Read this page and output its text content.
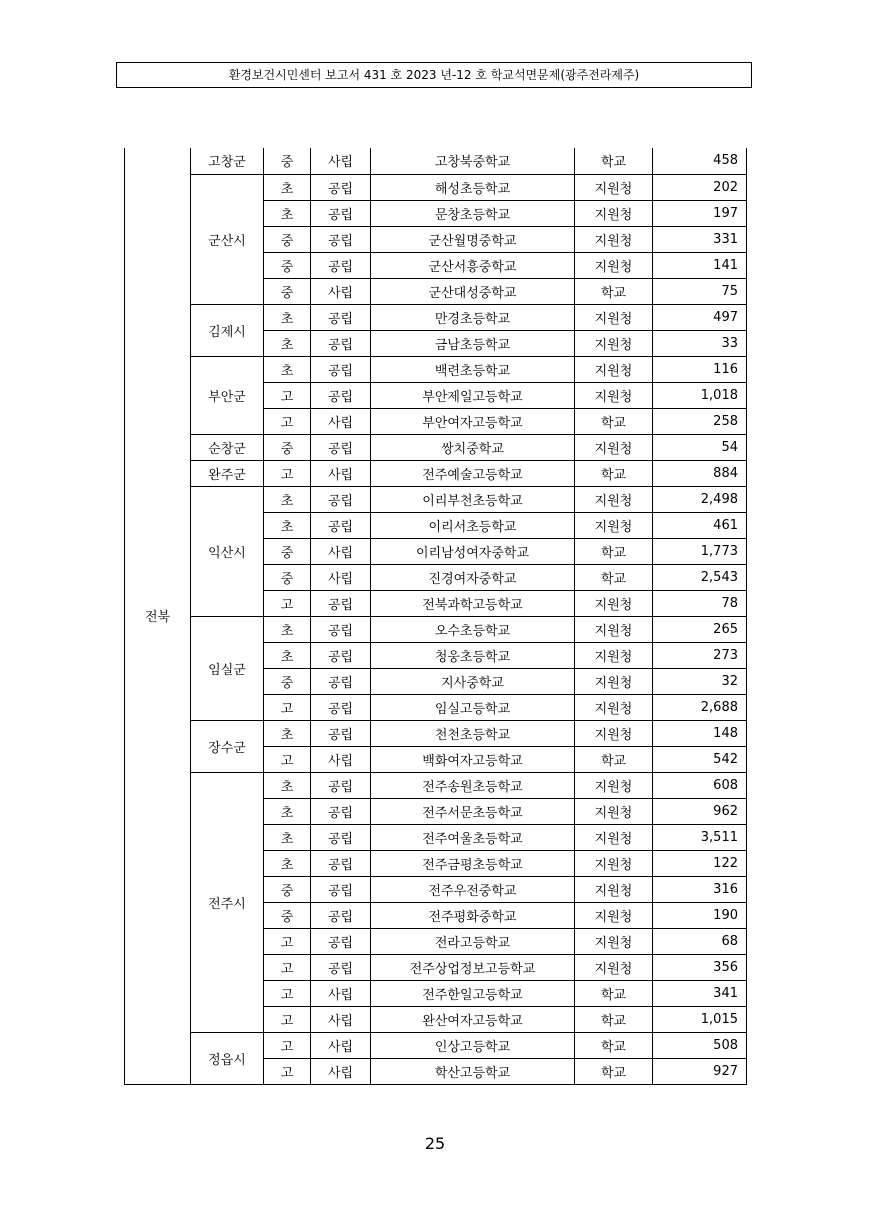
환경보건시민센터 보고서 431 호 2023 년-12 호 학교석면문제(광주전라제주)
전북	고창군	중	사립	고창북중학교	학교	458
	군산시	초	공립	해성초등학교	지원청	202
		초	공립	문창초등학교	지원청	197
		중	공립	군산월명중학교	지원청	331
		중	공립	군산서흥중학교	지원청	141
		중	사립	군산대성중학교	학교	75
	김제시	초	공립	만경초등학교	지원청	497
		초	공립	금남초등학교	지원청	33
	부안군	초	공립	백련초등학교	지원청	116
		고	공립	부안제일고등학교	지원청	1,018
		고	사립	부안여자고등학교	학교	258
	순창군	중	공립	쌍치중학교	지원청	54
	완주군	고	사립	전주예술고등학교	학교	884
	익산시	초	공립	이리부천초등학교	지원청	2,498
		초	공립	이리서초등학교	지원청	461
		중	사립	이리남성여자중학교	학교	1,773
		중	사립	진경여자중학교	학교	2,543
		고	공립	전북과학고등학교	지원청	78
	임실군	초	공립	오수초등학교	지원청	265
		초	공립	청웅초등학교	지원청	273
		중	공립	지사중학교	지원청	32
		고	공립	임실고등학교	지원청	2,688
	장수군	초	공립	천천초등학교	지원청	148
		고	사립	백화여자고등학교	학교	542
	전주시	초	공립	전주송원초등학교	지원청	608
		초	공립	전주서문초등학교	지원청	962
		초	공립	전주여울초등학교	지원청	3,511
		초	공립	전주금평초등학교	지원청	122
		중	공립	전주우전중학교	지원청	316
		중	공립	전주평화중학교	지원청	190
		고	공립	전라고등학교	지원청	68
		고	공립	전주상업정보고등학교	지원청	356
		고	사립	전주한일고등학교	학교	341
		고	사립	완산여자고등학교	학교	1,015
	정읍시	고	사립	인상고등학교	학교	508
		고	사립	학산고등학교	학교	927
25
